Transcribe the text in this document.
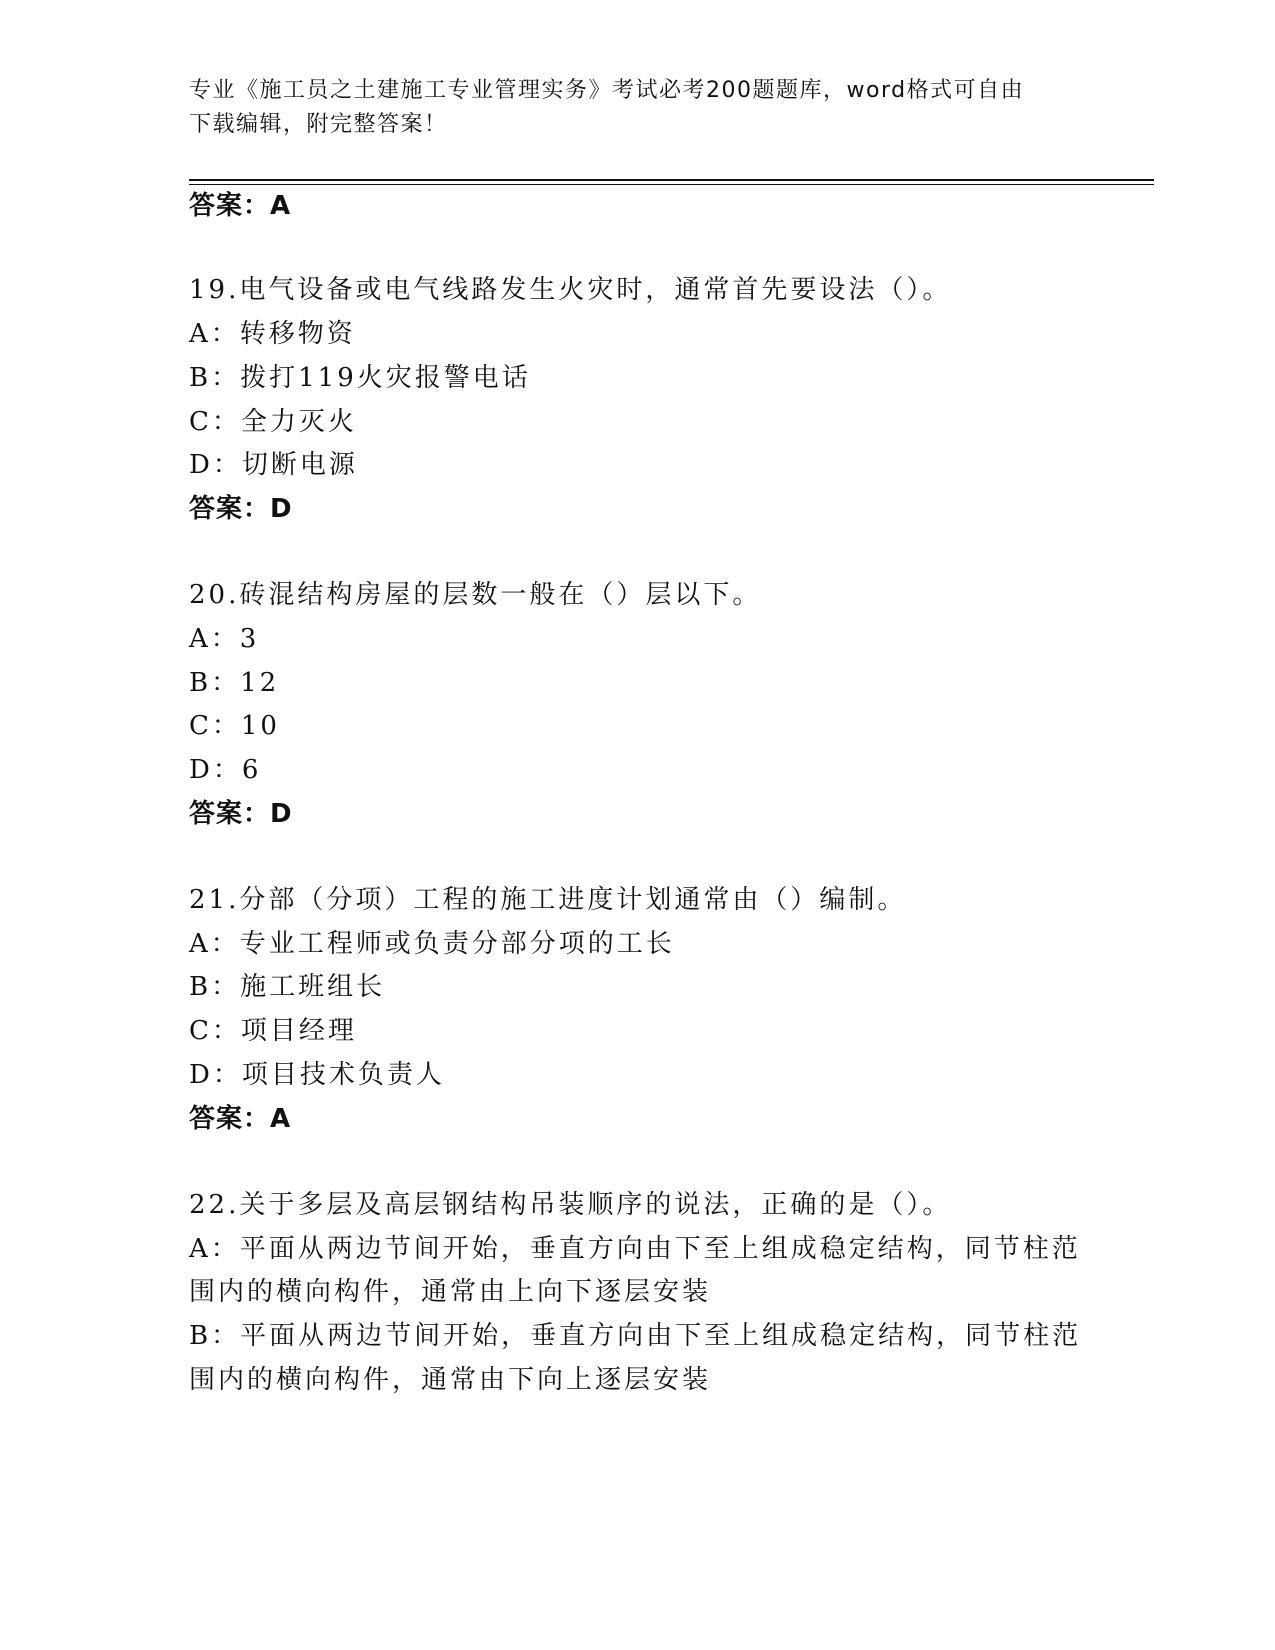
专业《施工员之土建施工专业管理实务》考试必考200题题库，word格式可自由
下载编辑，附完整答案！
答案：A
19.电气设备或电气线路发生火灾时，通常首先要设法（）。
A：转移物资
B：拨打119火灾报警电话
C：全力灭火
D：切断电源
答案：D
20.砖混结构房屋的层数一般在（）层以下。
A：3
B：12
C：10
D：6
答案：D
21.分部（分项）工程的施工进度计划通常由（）编制。
A：专业工程师或负责分部分项的工长
B：施工班组长
C：项目经理
D：项目技术负责人
答案：A
22.关于多层及高层钢结构吊装顺序的说法，正确的是（）。
A：平面从两边节间开始，垂直方向由下至上组成稳定结构，同节柱范
围内的横向构件，通常由上向下逐层安装
B：平面从两边节间开始，垂直方向由下至上组成稳定结构，同节柱范
围内的横向构件，通常由下向上逐层安装
